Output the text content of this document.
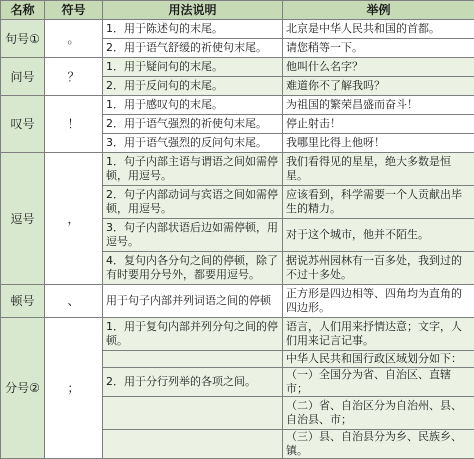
名称	符号	用法说明	举例
句号①	。	1．用于陈述句的末尾。	北京是中华人民共和国的首都。
		2．用于语气舒缓的祈使句末尾。	请您稍等一下。
问号	？	1．用于疑问句的末尾。	他叫什么名字？
		2．用于反问句的末尾。	难道你不了解我吗？
叹号	！	1．用于感叹句的末尾。	为祖国的繁荣昌盛而奋斗！
		2．用于语气强烈的祈使句末尾。	停止射击！
		3．用于语气强烈的反问句末尾。	我哪里比得上他呀！
逗号	，	1．句子内部主语与谓语之间如需停顿，用逗号。	我们看得见的星星，绝大多数是恒星。
		2．句子内部动词与宾语之间如需停顿，用逗号。	应该看到，科学需要一个人贡献出毕生的精力。
		3．句子内部状语后边如需停顿，用逗号。	对于这个城市，他并不陌生。
		4．复句内各分句之间的停顿，除了有时要用分号外，都要用逗号。	据说苏州园林有一百多处，我到过的不过十多处。
顿号	、	用于句子内部并列词语之间的停顿	正方形是四边相等、四角均为直角的四边形。
分号②	；	1．用于复句内部并列分句之间的停顿。	语言，人们用来抒情达意；文字，人们用来记言记事。
			中华人民共和国行政区域划分如下：
		2．用于分行列举的各项之间。	（一）全国分为省、自治区、直辖市；
			（二）省、自治区分为自治州、县、自治县、市；
			（三）县、自治县分为乡、民族乡、镇。
